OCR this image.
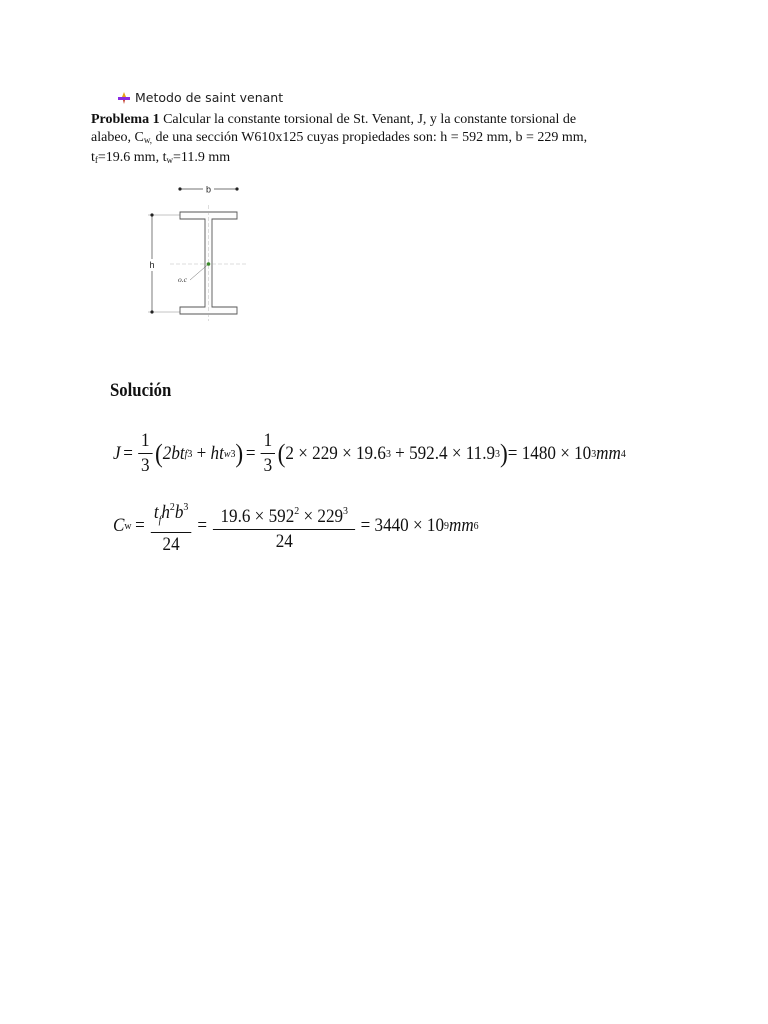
Metodo de saint venant
Problema 1 Calcular la constante torsional de St. Venant, J, y la constante torsional de
alabeo, $C_{w,}$ de una sección W610x125 cuyas propiedades son: h = 592 mm, b = 229 mm,
$t_f=19.6$ mm, $t_w=11.9$ mm
b
h
o.c
Solución
$J = \frac{1}{3}$ ( 2bt f 3 + ht w 3 ) = $\frac{1}{3}$ ( 2 × 229 × 19.6 3 + 592.4 × 11.9 3 ) = 1480 × 10 3 mm 4
C $w = \frac{t_fh^2b^3}{24} = \frac{19.6 \times 592^2 \times 229^3}{24} = 3440 \times 10$ 9 mm 6
